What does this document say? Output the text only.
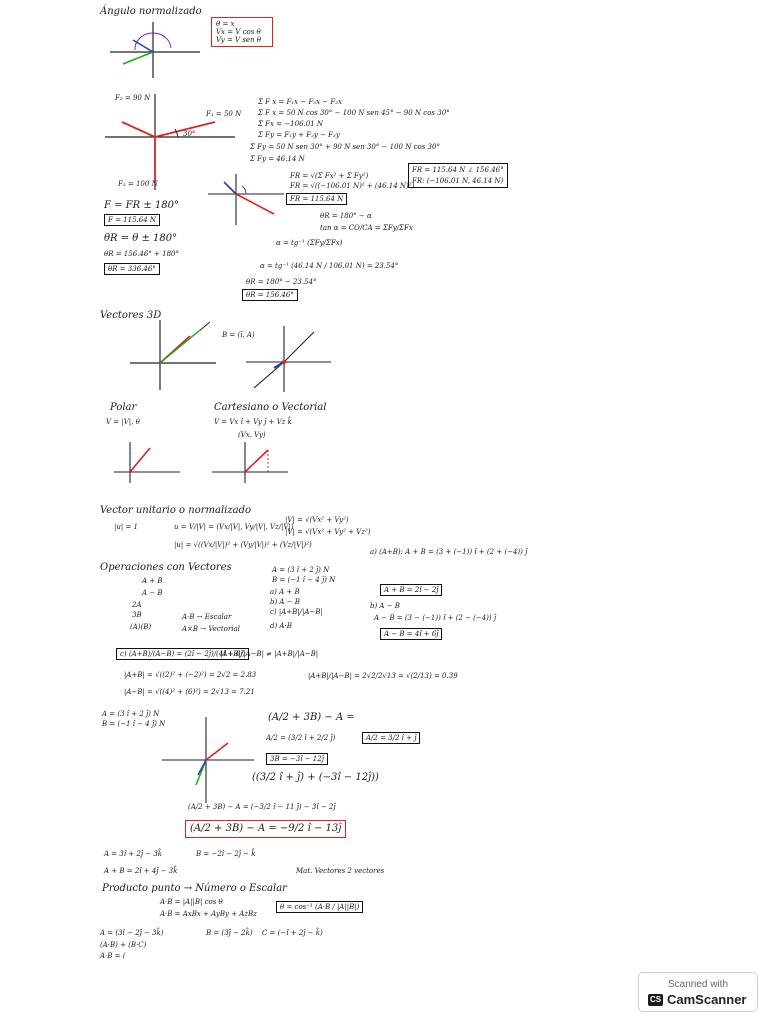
Ángulo normalizado
θ = x
Vx = V cos θ
Vy = V sen θ
F₂ = 90 N
F₁ = 50 N
F₃ = 100 N
30°
Σ F x = F₁x − F₃x − F₂x
Σ F x = 50 N cos 30° − 100 N sen 45° − 90 N cos 30°
Σ Fx = −106.01 N
Σ Fy = F₁y + F₂y − F₃y
Σ Fy = 50 N sen 30° + 90 N sen 30° − 100 N cos 30°
Σ Fy = 46.14 N
FR = √(Σ Fx² + Σ Fy²)
FR = √((−106.01 N)² + (46.14 N)²)
FR = 115.64 N
FR = 115.64 N ∠ 156.46°
FR: (−106.01 N, 46.14 N)
F = FR ± 180°
F = 115.64 N
θR = θ ± 180°
θR = 156.46° + 180°
θR = 336.46°
θR = 180° − α
tan α = CO/CA = ΣFy/ΣFx
α = tg⁻¹ (ΣFy/ΣFx)
α = tg⁻¹ (46.14 N / 106.01 N) = 23.54°
θR = 180° − 23.54°
θR = 156.46°
Vectores 3D
B = (ī, A)
Polar
V = |V|, θ
Cartesiano o Vectorial
V = Vx î + Vy ĵ + Vz k̂
(Vx, Vy)
Vector unitario o normalizado
|u| = 1	u = V/|V| = (Vx/|V|, Vy/|V|, Vz/|V|)
|u| = √((Vx/|V|)² + (Vy/|V|)² + (Vz/|V|)²)
|V| = √(Vx² + Vy²)
|V| = √(Vx² + Vy² + Vz²)
Operaciones con Vectores
A + B
A − B
2A
3B
(A)(B)
A·B → Escalar
A×B → Vectorial
A = (3 î + 2 ĵ) N
B = (−1 î − 4 ĵ) N
a) A + B
b) A − B
c) |A+B|/|A−B|
d) A·B
a) (A+B): A + B = (3 + (−1)) î + (2 + (−4)) ĵ
A + B = 2î − 2ĵ
b) A − B
A − B = (3 − (−1)) î + (2 − (−4)) ĵ
A − B = 4î + 6ĵ
c) (A+B)/(A−B) = (2î − 2ĵ)/(4î + 6ĵ)
|A+B|/|A−B| ≠ |A+B|/|A−B|
|A+B| = √((2)² + (−2)²) = 2√2 = 2.83
|A−B| = √((4)² + (6)²) = 2√13 = 7.21
|A+B|/|A−B| = 2√2/2√13 = √(2/13) = 0.39
A = (3 î + 2 ĵ) N
B = (−1 î − 4 ĵ) N
(A/2 + 3B) − A =
A/2 = (3/2 î + 2/2 ĵ)	A/2 = 3/2 î + ĵ
3B = −3î − 12ĵ
((3/2 î + ĵ) + (−3î − 12ĵ))
(A/2 + 3B) − A = (−3/2 î − 11 ĵ) − 3î − 2ĵ
(A/2 + 3B) − A = −9/2 î − 13ĵ
A = 3î + 2ĵ − 3k̂	B = −2î − 2ĵ − k̂
A + B = 2î + 4ĵ − 3k̂	Mat. Vectores 2 vectores
Producto punto → Número o Escalar
A·B = |A||B| cos θ
A·B = AxBx + AyBy + AzBz
θ = cos⁻¹ (A·B / |A||B|)
A = (3î − 2ĵ − 3k̂)	B = (3ĵ − 2k̂) C = (−î + 2ĵ − k̂)
(A·B) + (B·C)
A·B = (
Scanned with
CS CamScanner
